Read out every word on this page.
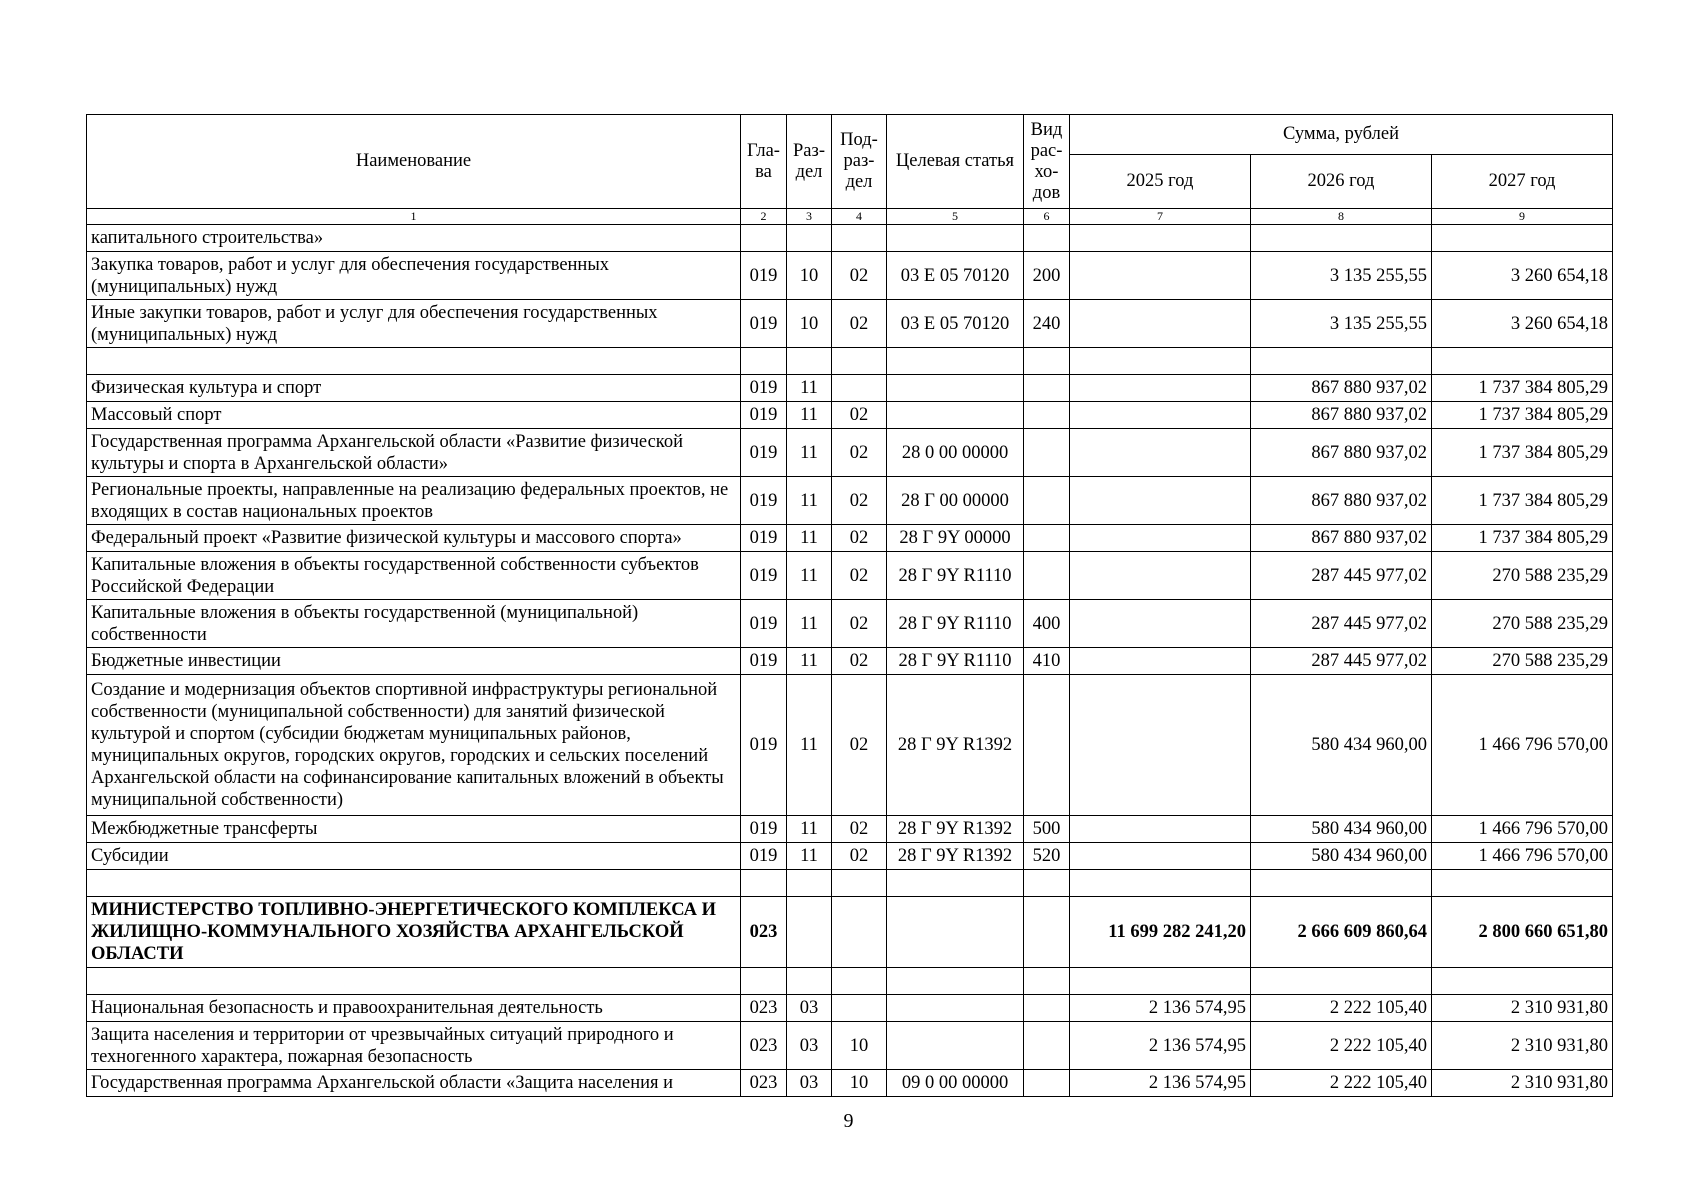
Наименование	Гла-ва	Раз-дел	Под-раз-дел	Целевая статья	Вид рас-хо-дов	Сумма, рублей		
						2025 год	2026 год	2027 год
1	2	3	4	5	6	7	8	9
капитального строительства»								
Закупка товаров, работ и услуг для обеспечения государственных (муниципальных) нужд	019	10	02	03 Е 05 70120	200		3 135 255,55	3 260 654,18
Иные закупки товаров, работ и услуг для обеспечения государственных (муниципальных) нужд	019	10	02	03 Е 05 70120	240		3 135 255,55	3 260 654,18

Физическая культура и спорт	019	11					867 880 937,02	1 737 384 805,29
Массовый спорт	019	11	02				867 880 937,02	1 737 384 805,29
Государственная программа Архангельской области «Развитие физической культуры и спорта в Архангельской области»	019	11	02	28 0 00 00000			867 880 937,02	1 737 384 805,29
Региональные проекты, направленные на реализацию федеральных проектов, не входящих в состав национальных проектов	019	11	02	28 Г 00 00000			867 880 937,02	1 737 384 805,29
Федеральный проект «Развитие физической культуры и массового спорта»	019	11	02	28 Г 9Y 00000			867 880 937,02	1 737 384 805,29
Капитальные вложения в объекты государственной собственности субъектов Российской Федерации	019	11	02	28 Г 9Y R1110			287 445 977,02	270 588 235,29
Капитальные вложения в объекты государственной (муниципальной) собственности	019	11	02	28 Г 9Y R1110	400		287 445 977,02	270 588 235,29
Бюджетные инвестиции	019	11	02	28 Г 9Y R1110	410		287 445 977,02	270 588 235,29
Создание и модернизация объектов спортивной инфраструктуры региональной собственности (муниципальной собственности) для занятий физической культурой и спортом (субсидии бюджетам муниципальных районов, муниципальных округов, городских округов, городских и сельских поселений Архангельской области на софинансирование капитальных вложений в объекты муниципальной собственности)	019	11	02	28 Г 9Y R1392			580 434 960,00	1 466 796 570,00
Межбюджетные трансферты	019	11	02	28 Г 9Y R1392	500		580 434 960,00	1 466 796 570,00
Субсидии	019	11	02	28 Г 9Y R1392	520		580 434 960,00	1 466 796 570,00

МИНИСТЕРСТВО ТОПЛИВНО-ЭНЕРГЕТИЧЕСКОГО КОМПЛЕКСА И ЖИЛИЩНО-КОММУНАЛЬНОГО ХОЗЯЙСТВА АРХАНГЕЛЬСКОЙ ОБЛАСТИ	023					11 699 282 241,20	2 666 609 860,64	2 800 660 651,80

Национальная безопасность и правоохранительная деятельность	023	03				2 136 574,95	2 222 105,40	2 310 931,80
Защита населения и территории от чрезвычайных ситуаций природного и техногенного характера, пожарная безопасность	023	03	10			2 136 574,95	2 222 105,40	2 310 931,80
Государственная программа Архангельской области «Защита населения и	023	03	10	09 0 00 00000		2 136 574,95	2 222 105,40	2 310 931,80
9
